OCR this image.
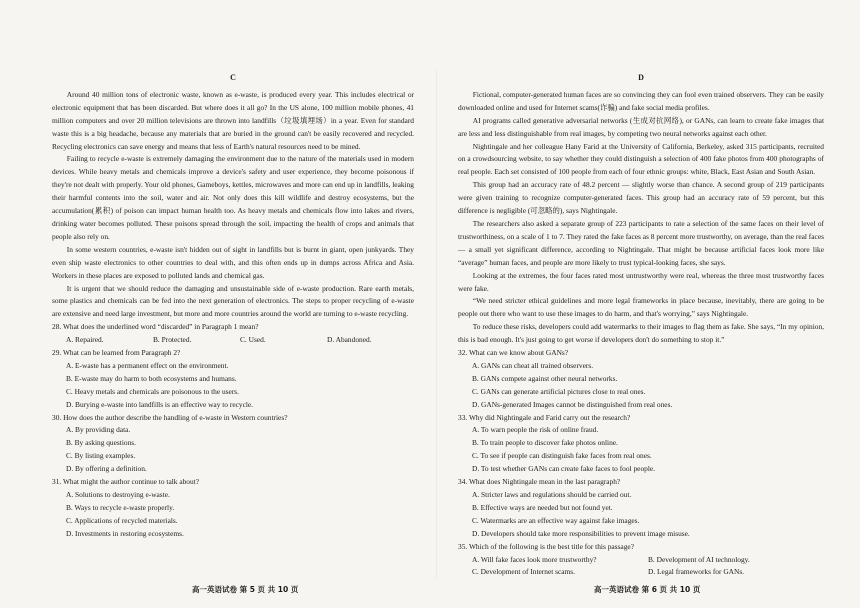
C

Around 40 million tons of electronic waste, known as e-waste, is produced every year. This includes electrical or electronic equipment that has been discarded. But where does it all go? In the US alone, 100 million mobile phones, 41 million computers and over 20 million televisions are thrown into landfills（垃圾填埋场）in a year. Even for standard waste this is a big headache, because any materials that are buried in the ground can't be easily recovered and recycled. Recycling electronics can save energy and means that less of Earth's natural resources need to be mined.

Failing to recycle e-waste is extremely damaging the environment due to the nature of the materials used in modern devices. While heavy metals and chemicals improve a device's safety and user experience, they become poisonous if they're not dealt with properly. Your old phones, Gameboys, kettles, microwaves and more can end up in landfills, leaking their harmful contents into the soil, water and air. Not only does this kill wildlife and destroy ecosystems, but the accumulation(累积) of poison can impact human health too. As heavy metals and chemicals flow into lakes and rivers, drinking water becomes polluted. These poisons spread through the soil, impacting the health of crops and animals that people also rely on.

In some western countries, e-waste isn't hidden out of sight in landfills but is burnt in giant, open junkyards. They even ship waste electronics to other countries to deal with, and this often ends up in dumps across Africa and Asia. Workers in these places are exposed to polluted lands and chemical gas.

It is urgent that we should reduce the damaging and unsustainable side of e-waste production. Rare earth metals, some plastics and chemicals can be fed into the next generation of electronics. The steps to proper recycling of e-waste are extensive and need large investment, but more and more countries around the world are turning to e-waste recycling.

28. What does the underlined word “discarded” in Paragraph 1 mean?

A. Repaired.	B. Protected.	C. Used.	D. Abandoned.

29. What can be learned from Paragraph 2?

A. E-waste has a permanent effect on the environment.

B. E-waste may do harm to both ecosystems and humans.

C. Heavy metals and chemicals are poisonous to the users.

D. Burying e-waste into landfills is an effective way to recycle.

30. How does the author describe the handling of e-waste in Western countries?

A. By providing data.

B. By asking questions.

C. By listing examples.

D. By offering a definition.

31. What might the author continue to talk about?

A. Solutions to destroying e-waste.

B. Ways to recycle e-waste properly.

C. Applications of recycled materials.

D. Investments in restoring ecosystems.

D

Fictional, computer-generated human faces are so convincing they can fool even trained observers. They can be easily downloaded online and used for Internet scams(诈骗) and fake social media profiles.

AI programs called generative adversarial networks (生成对抗网络), or GANs, can learn to create fake images that are less and less distinguishable from real images, by competing two neural networks against each other.

Nightingale and her colleague Hany Farid at the University of California, Berkeley, asked 315 participants, recruited on a crowdsourcing website, to say whether they could distinguish a selection of 400 fake photos from 400 photographs of real people. Each set consisted of 100 people from each of four ethnic groups: white, Black, East Asian and South Asian.

This group had an accuracy rate of 48.2 percent — slightly worse than chance. A second group of 219 participants were given training to recognize computer-generated faces. This group had an accuracy rate of 59 percent, but this difference is negligible (可忽略的), says Nightingale.

The researchers also asked a separate group of 223 participants to rate a selection of the same faces on their level of trustworthiness, on a scale of 1 to 7. They rated the fake faces as 8 percent more trustworthy, on average, than the real faces — a small yet significant difference, according to Nightingale. That might be because artificial faces look more like “average” human faces, and people are more likely to trust typical-looking faces, she says.

Looking at the extremes, the four faces rated most untrustworthy were real, whereas the three most trustworthy faces were fake.

“We need stricter ethical guidelines and more legal frameworks in place because, inevitably, there are going to be people out there who want to use these images to do harm, and that's worrying,” says Nightingale.

To reduce these risks, developers could add watermarks to their images to flag them as fake. She says, “In my opinion, this is bad enough. It's just going to get worse if developers don't do something to stop it.”

32. What can we know about GANs?

A. GANs can cheat all trained observers.

B. GANs compete against other neural networks.

C. GANs can generate artificial pictures close to real ones.

D. GANs-generated Images cannot be distinguished from real ones.

33. Why did Nightingale and Farid carry out the research?

A. To warn people the risk of online fraud.

B. To train people to discover fake photos online.

C. To see if people can distinguish fake faces from real ones.

D. To test whether GANs can create fake faces to fool people.

34. What does Nightingale mean in the last paragraph?

A. Stricter laws and regulations should be carried out.

B. Effective ways are needed but not found yet.

C. Watermarks are an effective way against fake images.

D. Developers should take more responsibilities to prevent image misuse.

35. Which of the following is the best title for this passage?

A. Will fake faces look more trustworthy?	B. Development of AI technology.
C. Development of Internet scams.	D. Legal frameworks for GANs.
高一英语试卷 第 5 页 共 10 页	高一英语试卷 第 6 页 共 10 页
